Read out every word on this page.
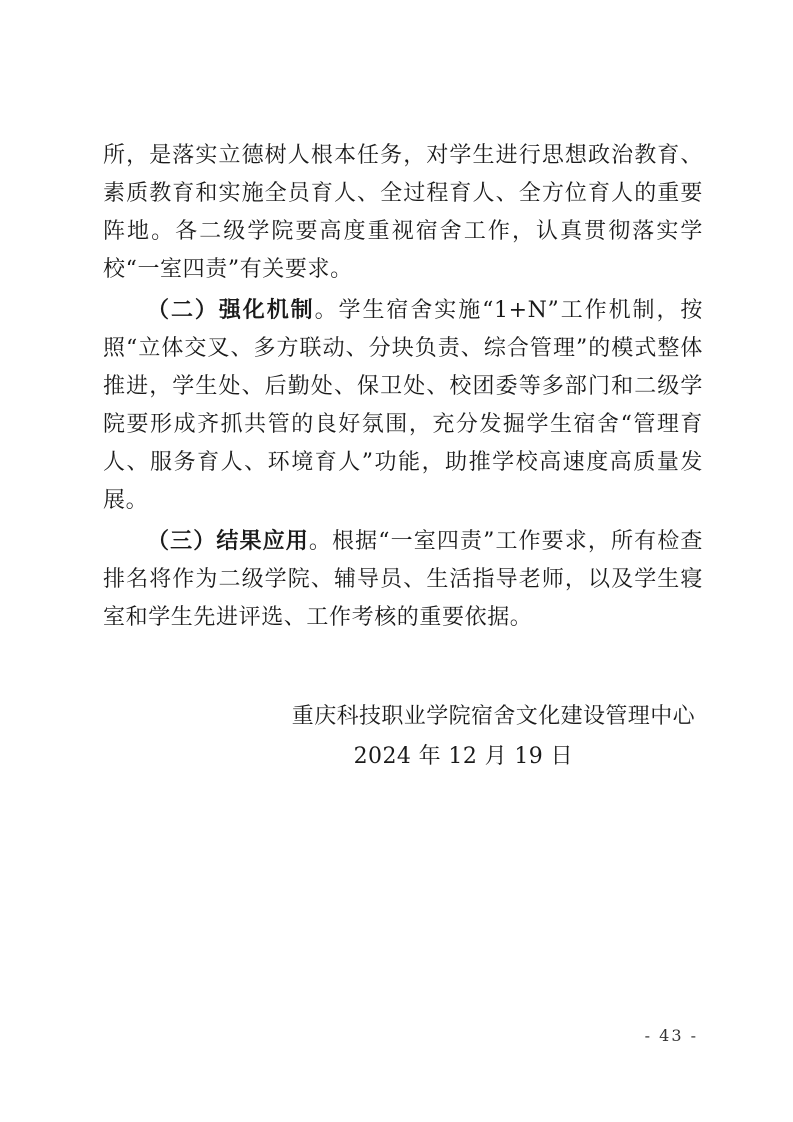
所，是落实立德树人根本任务，对学生进行思想政治教育、素质教育和实施全员育人、全过程育人、全方位育人的重要阵地。各二级学院要高度重视宿舍工作，认真贯彻落实学校“一室四责”有关要求。

（二）强化机制。学生宿舍实施“1+N”工作机制，按照“立体交叉、多方联动、分块负责、综合管理”的模式整体推进，学生处、后勤处、保卫处、校团委等多部门和二级学院要形成齐抓共管的良好氛围，充分发掘学生宿舍“管理育人、服务育人、环境育人”功能，助推学校高速度高质量发展。

（三）结果应用。根据“一室四责”工作要求，所有检查排名将作为二级学院、辅导员、生活指导老师，以及学生寝室和学生先进评选、工作考核的重要依据。

重庆科技职业学院宿舍文化建设管理中心

2024 年 12 月 19 日
- 43 -
